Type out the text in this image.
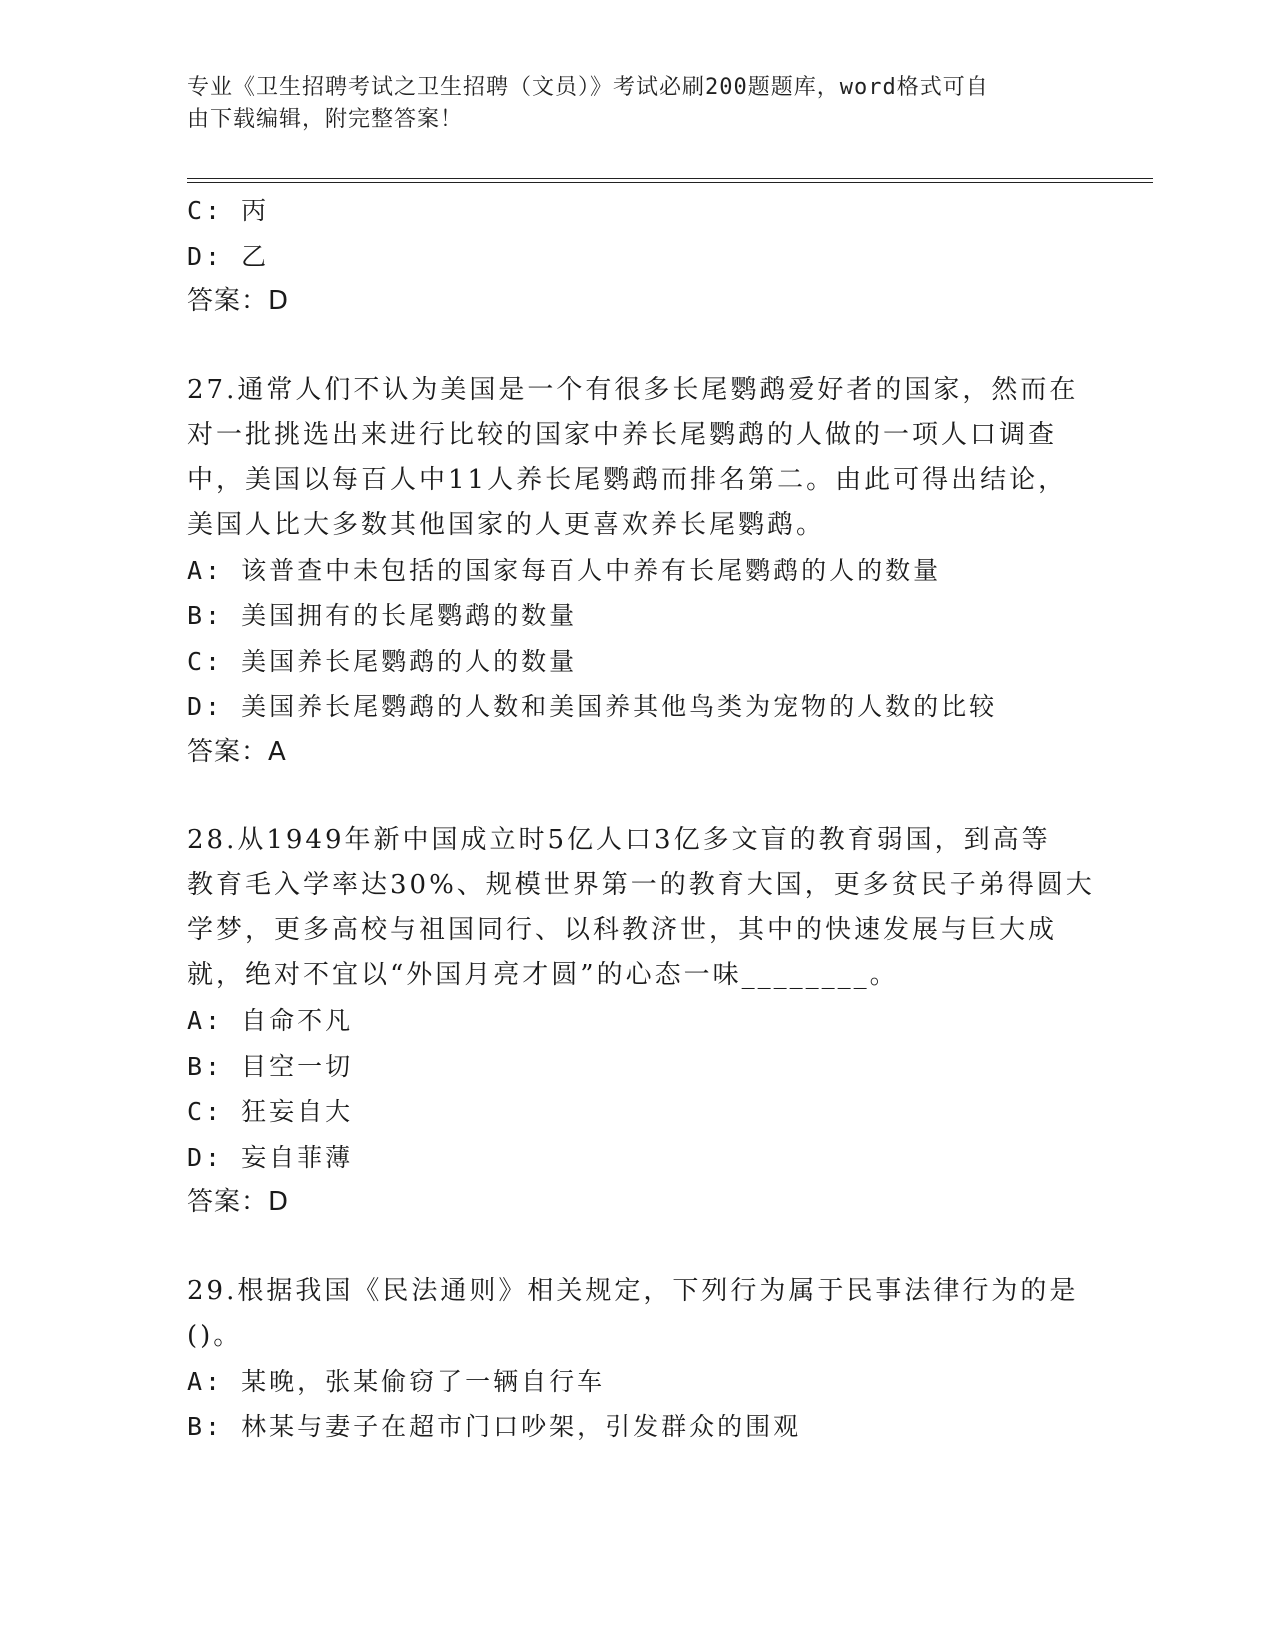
专业《卫生招聘考试之卫生招聘（文员）》考试必刷200题题库，word格式可自
由下载编辑，附完整答案！
C: 丙
D: 乙
答案：D
27.通常人们不认为美国是一个有很多长尾鹦鹉爱好者的国家，然而在
对一批挑选出来进行比较的国家中养长尾鹦鹉的人做的一项人口调查
中，美国以每百人中11人养长尾鹦鹉而排名第二。由此可得出结论，
美国人比大多数其他国家的人更喜欢养长尾鹦鹉。
A: 该普查中未包括的国家每百人中养有长尾鹦鹉的人的数量
B: 美国拥有的长尾鹦鹉的数量
C: 美国养长尾鹦鹉的人的数量
D: 美国养长尾鹦鹉的人数和美国养其他鸟类为宠物的人数的比较
答案：A
28.从1949年新中国成立时5亿人口3亿多文盲的教育弱国，到高等
教育毛入学率达30%、规模世界第一的教育大国，更多贫民子弟得圆大
学梦，更多高校与祖国同行、以科教济世，其中的快速发展与巨大成
就，绝对不宜以“外国月亮才圆”的心态一味________。
A: 自命不凡
B: 目空一切
C: 狂妄自大
D: 妄自菲薄
答案：D
29.根据我国《民法通则》相关规定，下列行为属于民事法律行为的是
()。
A: 某晚，张某偷窃了一辆自行车
B: 林某与妻子在超市门口吵架，引发群众的围观
